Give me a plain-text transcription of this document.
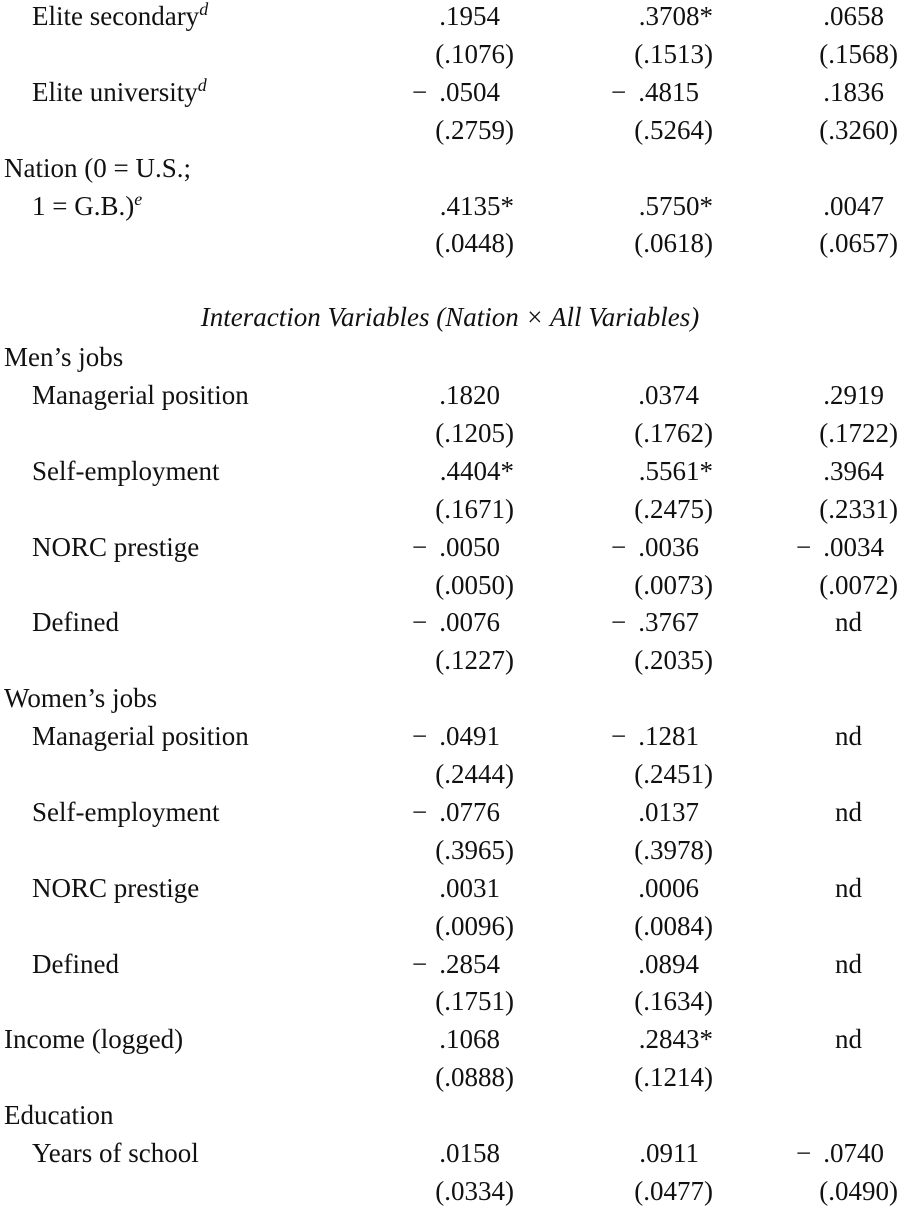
Elite secondary$^d$	.1954	.3708*	.0658
(.1076)	(.1513)	(.1568)
Elite university$^d$	− .0504	− .4815	.1836
(.2759)	(.5264)	(.3260)
Nation (0 = U.S.;
1 = G.B.)$^e$	.4135*	.5750*	.0047
(.0448)	(.0618)	(.0657)
Interaction Variables (Nation × All Variables)
Men’s jobs
Managerial position	.1820	.0374	.2919
(.1205)	(.1762)	(.1722)
Self-employment	.4404*	.5561*	.3964
(.1671)	(.2475)	(.2331)
NORC prestige	− .0050	− .0036	− .0034
(.0050)	(.0073)	(.0072)
Defined	− .0076	− .3767	nd
(.1227)	(.2035)
Women’s jobs
Managerial position	− .0491	− .1281	nd
(.2444)	(.2451)
Self-employment	− .0776	.0137	nd
(.3965)	(.3978)
NORC prestige	.0031	.0006	nd
(.0096)	(.0084)
Defined	− .2854	.0894	nd
(.1751)	(.1634)
Income (logged)	.1068	.2843*	nd
(.0888)	(.1214)
Education
Years of school	.0158	.0911	− .0740
(.0334)	(.0477)	(.0490)
